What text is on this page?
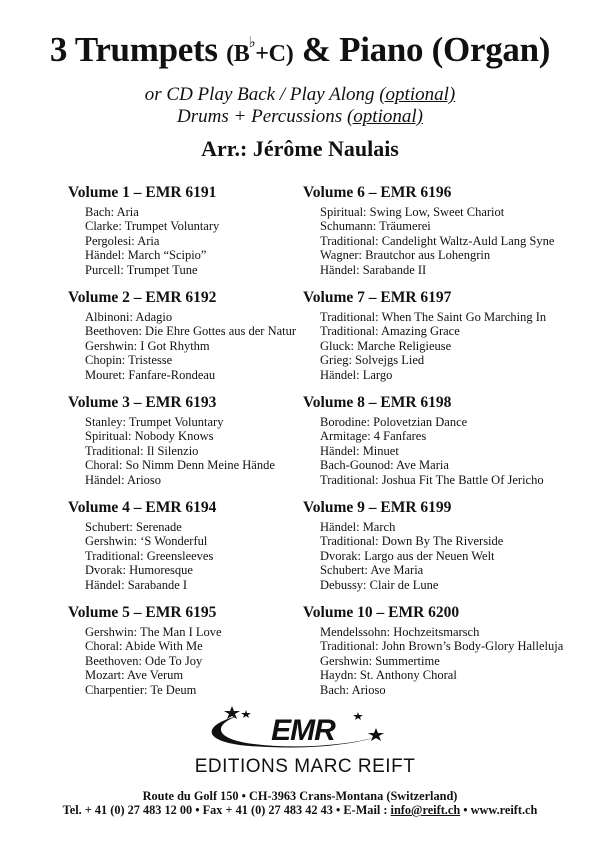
3 Trumpets (B♭+C) & Piano (Organ)
or CD Play Back / Play Along (optional)
Drums + Percussions (optional)
Arr.: Jérôme Naulais
Volume 1 – EMR 6191
Bach: Aria
Clarke: Trumpet Voluntary
Pergolesi: Aria
Händel: March “Scipio”
Purcell: Trumpet Tune
Volume 2 – EMR 6192
Albinoni: Adagio
Beethoven: Die Ehre Gottes aus der Natur
Gershwin: I Got Rhythm
Chopin: Tristesse
Mouret: Fanfare-Rondeau
Volume 3 – EMR 6193
Stanley: Trumpet Voluntary
Spiritual: Nobody Knows
Traditional: Il Silenzio
Choral: So Nimm Denn Meine Hände
Händel: Arioso
Volume 4 – EMR 6194
Schubert: Serenade
Gershwin: ‘S Wonderful
Traditional: Greensleeves
Dvorak: Humoresque
Händel: Sarabande I
Volume 5 – EMR 6195
Gershwin: The Man I Love
Choral: Abide With Me
Beethoven: Ode To Joy
Mozart: Ave Verum
Charpentier: Te Deum
Volume 6 – EMR 6196
Spiritual: Swing Low, Sweet Chariot
Schumann: Träumerei
Traditional: Candelight Waltz-Auld Lang Syne
Wagner: Brautchor aus Lohengrin
Händel: Sarabande II
Volume 7 – EMR 6197
Traditional: When The Saint Go Marching In
Traditional: Amazing Grace
Gluck: Marche Religieuse
Grieg: Solvejgs Lied
Händel: Largo
Volume 8 – EMR 6198
Borodine: Polovetzian Dance
Armitage: 4 Fanfares
Händel: Minuet
Bach-Gounod: Ave Maria
Traditional: Joshua Fit The Battle Of Jericho
Volume 9 – EMR 6199
Händel: March
Traditional: Down By The Riverside
Dvorak: Largo aus der Neuen Welt
Schubert: Ave Maria
Debussy: Clair de Lune
Volume 10 – EMR 6200
Mendelssohn: Hochzeitsmarsch
Traditional: John Brown’s Body-Glory Halleluja
Gershwin: Summertime
Haydn: St. Anthony Choral
Bach: Arioso
EMR
EDITIONS MARC REIFT
Route du Golf 150 • CH-3963 Crans-Montana (Switzerland)
Tel. + 41 (0) 27 483 12 00 • Fax + 41 (0) 27 483 42 43 • E-Mail : info@reift.ch • www.reift.ch
